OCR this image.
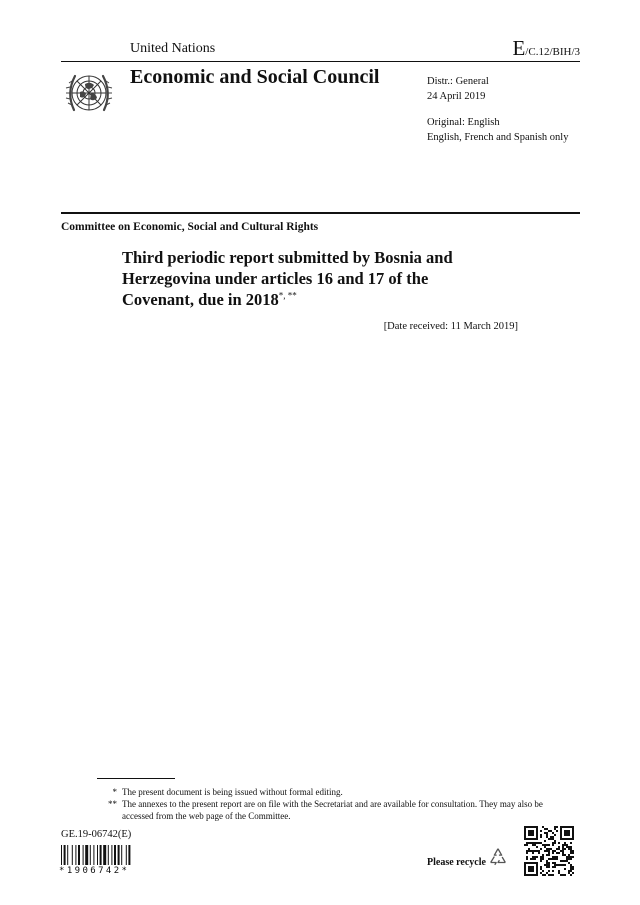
United Nations	E/C.12/BIH/3
Economic and Social Council	Distr.: General
24 April 2019
Original: English
English, French and Spanish only
Committee on Economic, Social and Cultural Rights
Third periodic report submitted by Bosnia and
Herzegovina under articles 16 and 17 of the
Covenant, due in 2018*, **
[Date received: 11 March 2019]
* The present document is being issued without formal editing.
** The annexes to the present report are on file with the Secretariat and are available for consultation. They may also be accessed from the web page of the Committee.
GE.19-06742(E)
*1906742*
Please recycle
